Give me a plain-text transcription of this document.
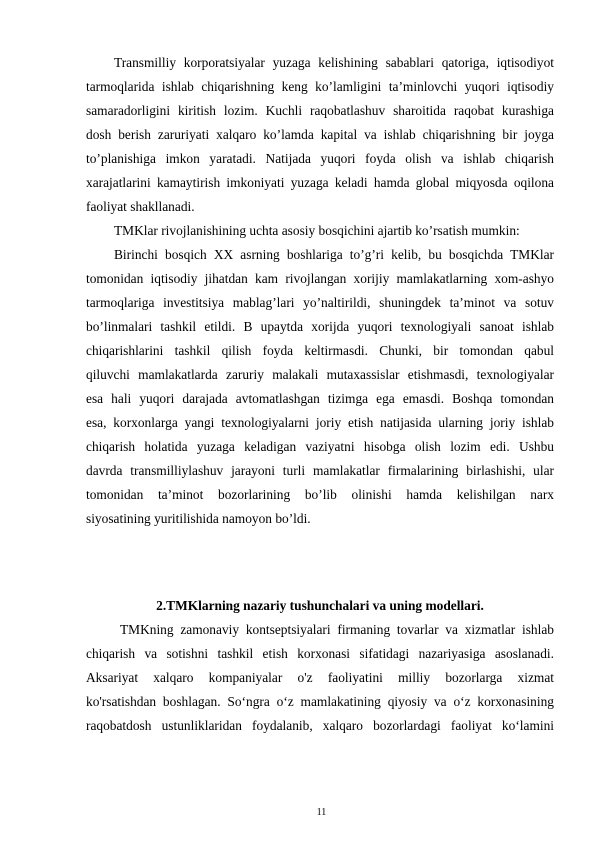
Transmilliy korporatsiyalar yuzaga kelishining sabablari qatoriga, iqtisodiyot
tarmoqlarida ishlab chiqarishning keng ko’lamligini ta’minlovchi yuqori iqtisodiy
samaradorligini kiritish lozim. Kuchli raqobatlashuv sharoitida raqobat kurashiga
dosh berish zaruriyati xalqaro ko’lamda kapital va ishlab chiqarishning bir joyga
to’planishiga imkon yaratadi. Natijada yuqori foyda olish va ishlab chiqarish
xarajatlarini kamaytirish imkoniyati yuzaga keladi hamda global miqyosda oqilona
faoliyat shakllanadi.
TMKlar rivojlanishining uchta asosiy bosqichini ajartib ko’rsatish mumkin:
Birinchi bosqich XX asrning boshlariga to’g’ri kelib, bu bosqichda TMKlar
tomonidan iqtisodiy jihatdan kam rivojlangan xorijiy mamlakatlarning xom-ashyo
tarmoqlariga investitsiya mablag’lari yo’naltirildi, shuningdek ta’minot va sotuv
bo’linmalari tashkil etildi. B upaytda xorijda yuqori texnologiyali sanoat ishlab
chiqarishlarini tashkil qilish foyda keltirmasdi. Chunki, bir tomondan qabul
qiluvchi mamlakatlarda zaruriy malakali mutaxassislar etishmasdi, texnologiyalar
esa hali yuqori darajada avtomatlashgan tizimga ega emasdi. Boshqa tomondan
esa, korxonlarga yangi texnologiyalarni joriy etish natijasida ularning joriy ishlab
chiqarish holatida yuzaga keladigan vaziyatni hisobga olish lozim edi. Ushbu
davrda transmilliylashuv jarayoni turli mamlakatlar firmalarining birlashishi, ular
tomonidan ta’minot bozorlarining bo’lib olinishi hamda kelishilgan narx
siyosatining yuritilishida namoyon bo’ldi.
2.TMKlarning nazariy tushunchalari va uning modellari.
TMKning zamonaviy kontseptsiyalari firmaning tovarlar va xizmatlar ishlab
chiqarish va sotishni tashkil etish korxonasi sifatidagi nazariyasiga asoslanadi.
Aksariyat xalqaro kompaniyalar o'z faoliyatini milliy bozorlarga xizmat
ko'rsatishdan boshlagan. So‘ngra o‘z mamlakatining qiyosiy va o‘z korxonasining
raqobatdosh ustunliklaridan foydalanib, xalqaro bozorlardagi faoliyat ko‘lamini
11
